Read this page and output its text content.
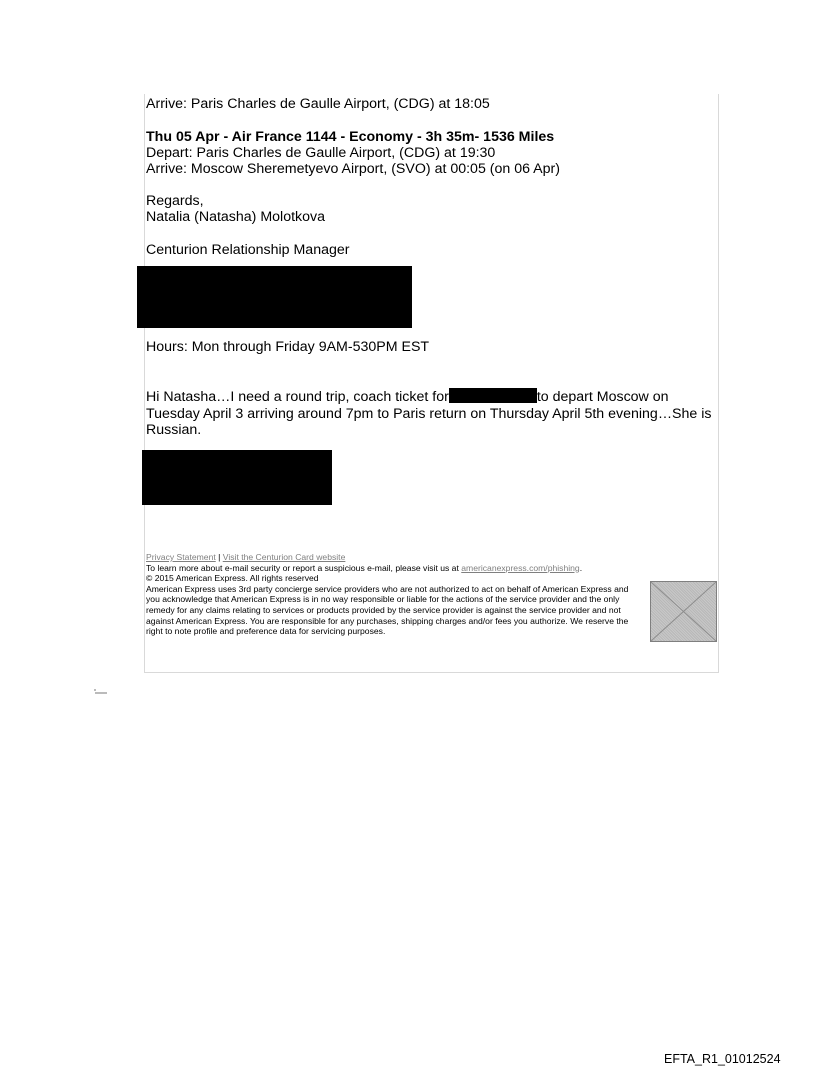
Arrive: Paris Charles de Gaulle Airport, (CDG) at 18:05
Thu 05 Apr - Air France 1144 - Economy - 3h 35m- 1536 Miles
Depart: Paris Charles de Gaulle Airport, (CDG) at 19:30
Arrive: Moscow Sheremetyevo Airport, (SVO) at 00:05 (on 06 Apr)
Regards,
Natalia (Natasha) Molotkova
Centurion Relationship Manager
Hours: Mon through Friday 9AM-530PM EST
Hi Natasha…I need a round trip, coach ticket for	to depart Moscow on Tuesday April 3 arriving around 7pm to Paris return on Thursday April 5th evening…She is Russian.
Privacy Statement | Visit the Centurion Card website
To learn more about e-mail security or report a suspicious e-mail, please visit us at americanexpress.com/phishing.
© 2015 American Express. All rights reserved
American Express uses 3rd party concierge service providers who are not authorized to act on behalf of American Express and you acknowledge that American Express is in no way responsible or liable for the actions of the service provider and the only remedy for any claims relating to services or products provided by the service provider is against the service provider and not against American Express. You are responsible for any purchases, shipping charges and/or fees you authorize. We reserve the right to note profile and preference data for servicing purposes.
EFTA_R1_01012524
